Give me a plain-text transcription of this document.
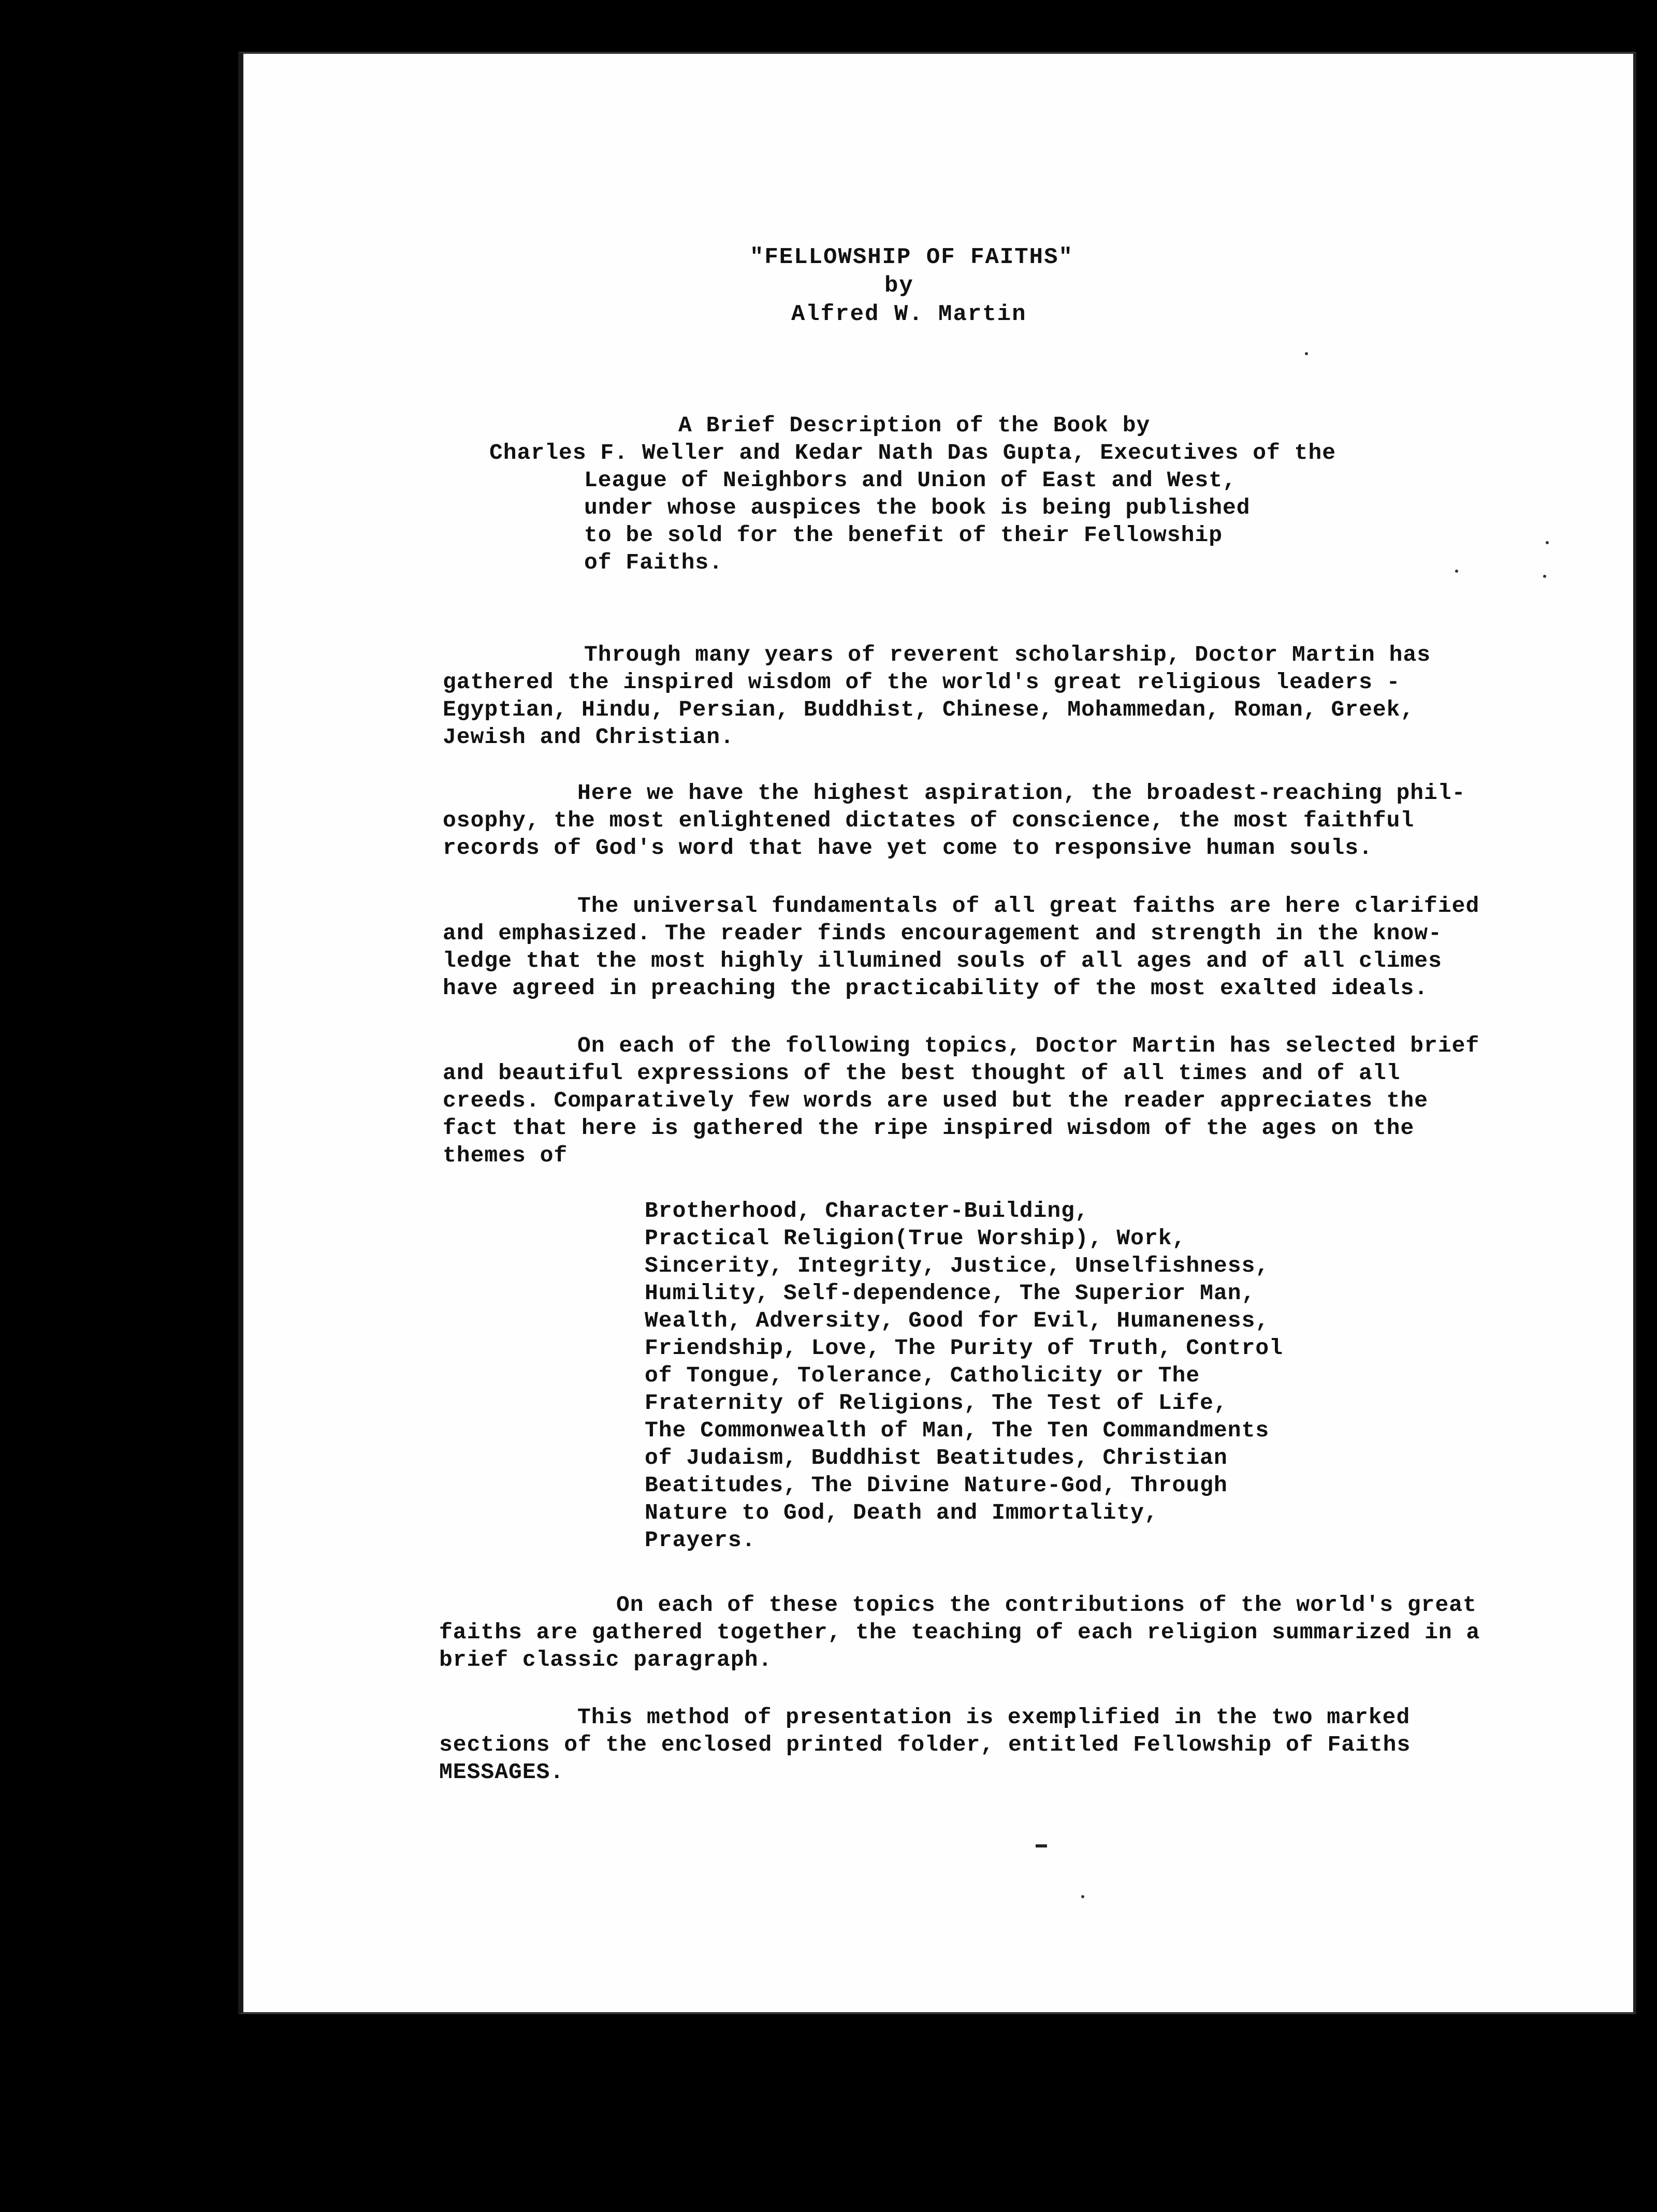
"FELLOWSHIP OF FAITHS"
by
Alfred W. Martin
A Brief Description of the Book by
Charles F. Weller and Kedar Nath Das Gupta, Executives of the
League of Neighbors and Union of East and West,
under whose auspices the book is being published
to be sold for the benefit of their Fellowship
of Faiths.
Through many years of reverent scholarship, Doctor Martin has
gathered the inspired wisdom of the world's great religious leaders -
Egyptian, Hindu, Persian, Buddhist, Chinese, Mohammedan, Roman, Greek,
Jewish and Christian.
Here we have the highest aspiration, the broadest-reaching phil-
osophy, the most enlightened dictates of conscience, the most faithful
records of God's word that have yet come to responsive human souls.
The universal fundamentals of all great faiths are here clarified
and emphasized. The reader finds encouragement and strength in the know-
ledge that the most highly illumined souls of all ages and of all climes
have agreed in preaching the practicability of the most exalted ideals.
On each of the following topics, Doctor Martin has selected brief
and beautiful expressions of the best thought of all times and of all
creeds. Comparatively few words are used but the reader appreciates the
fact that here is gathered the ripe inspired wisdom of the ages on the
themes of
Brotherhood, Character-Building,
Practical Religion(True Worship), Work,
Sincerity, Integrity, Justice, Unselfishness,
Humility, Self-dependence, The Superior Man,
Wealth, Adversity, Good for Evil, Humaneness,
Friendship, Love, The Purity of Truth, Control
of Tongue, Tolerance, Catholicity or The
Fraternity of Religions, The Test of Life,
The Commonwealth of Man, The Ten Commandments
of Judaism, Buddhist Beatitudes, Christian
Beatitudes, The Divine Nature-God, Through
Nature to God, Death and Immortality,
Prayers.
On each of these topics the contributions of the world's great
faiths are gathered together, the teaching of each religion summarized in a
brief classic paragraph.
This method of presentation is exemplified in the two marked
sections of the enclosed printed folder, entitled Fellowship of Faiths
MESSAGES.
